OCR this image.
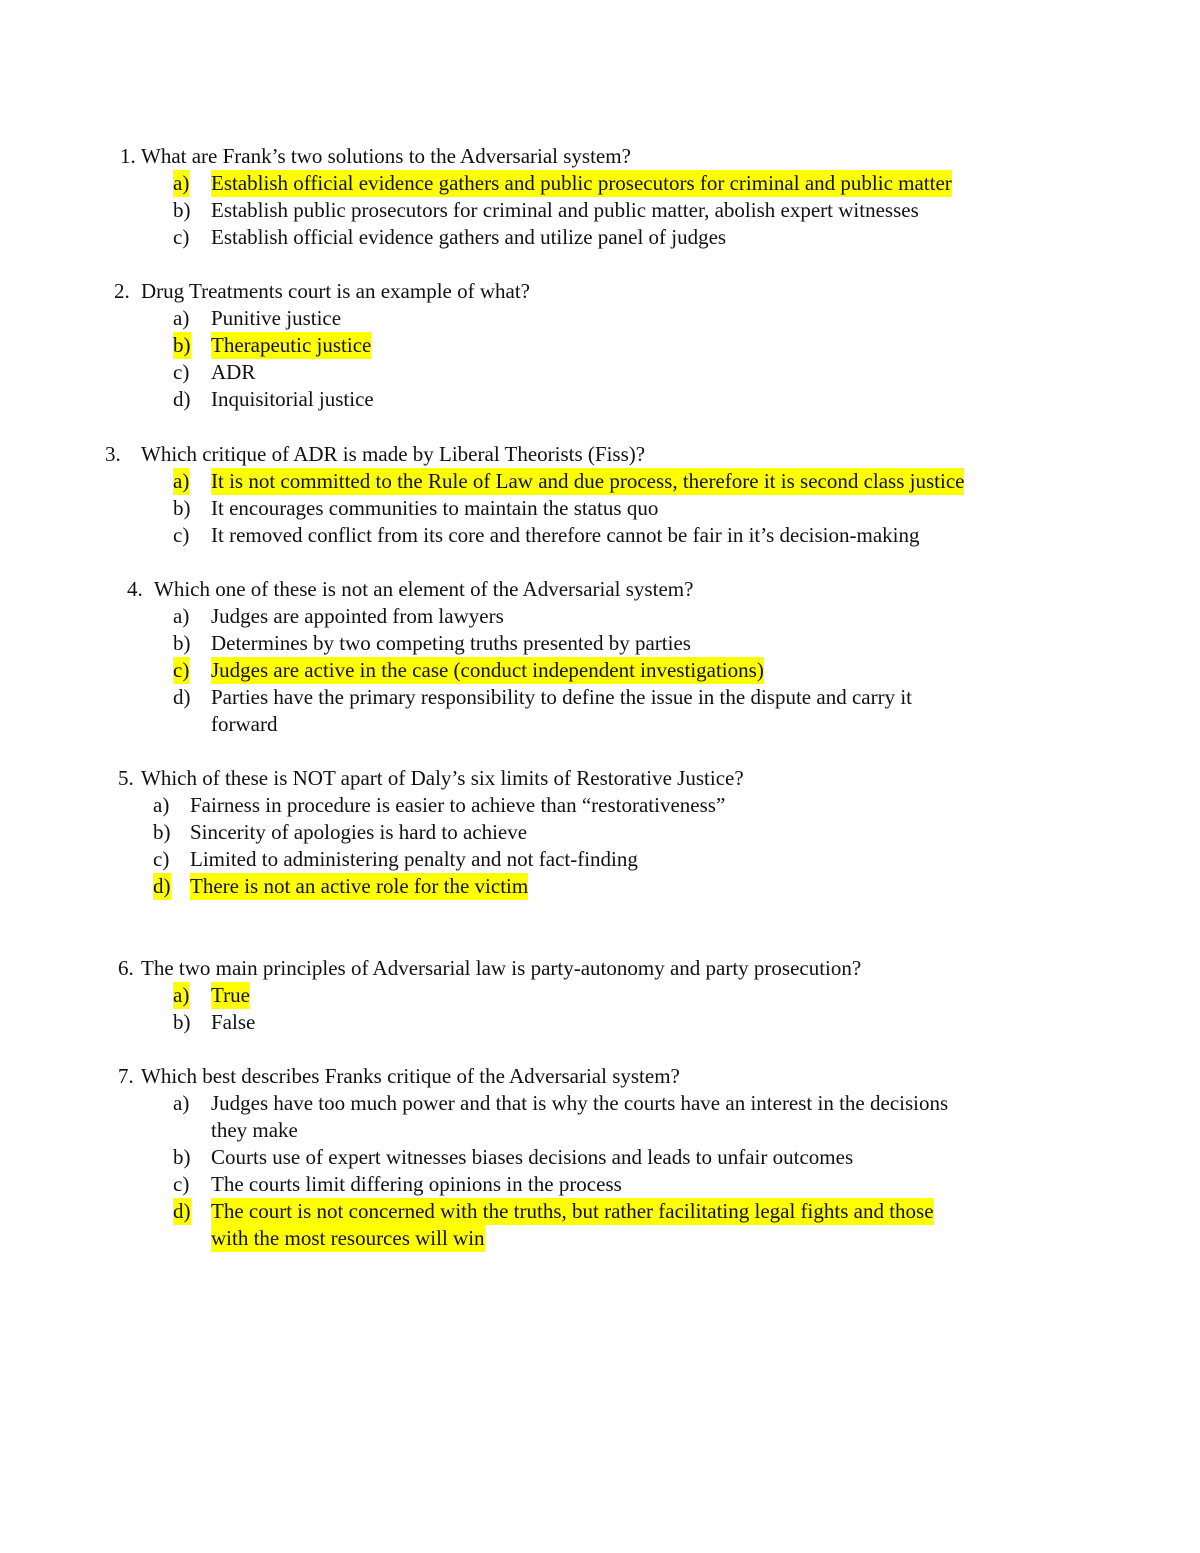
1. What are Frank’s two solutions to the Adversarial system?
a) Establish official evidence gathers and public prosecutors for criminal and public matter
b) Establish public prosecutors for criminal and public matter, abolish expert witnesses
c) Establish official evidence gathers and utilize panel of judges
2. Drug Treatments court is an example of what?
a) Punitive justice
b) Therapeutic justice
c) ADR
d) Inquisitorial justice
3. Which critique of ADR is made by Liberal Theorists (Fiss)?
a) It is not committed to the Rule of Law and due process, therefore it is second class justice
b) It encourages communities to maintain the status quo
c) It removed conflict from its core and therefore cannot be fair in it’s decision-making
4. Which one of these is not an element of the Adversarial system?
a) Judges are appointed from lawyers
b) Determines by two competing truths presented by parties
c) Judges are active in the case (conduct independent investigations)
d) Parties have the primary responsibility to define the issue in the dispute and carry it
forward
5. Which of these is NOT apart of Daly’s six limits of Restorative Justice?
a) Fairness in procedure is easier to achieve than “restorativeness”
b) Sincerity of apologies is hard to achieve
c) Limited to administering penalty and not fact-finding
d) There is not an active role for the victim
6. The two main principles of Adversarial law is party-autonomy and party prosecution?
a) True
b) False
7. Which best describes Franks critique of the Adversarial system?
a) Judges have too much power and that is why the courts have an interest in the decisions
they make
b) Courts use of expert witnesses biases decisions and leads to unfair outcomes
c) The courts limit differing opinions in the process
d) The court is not concerned with the truths, but rather facilitating legal fights and those
with the most resources will win
